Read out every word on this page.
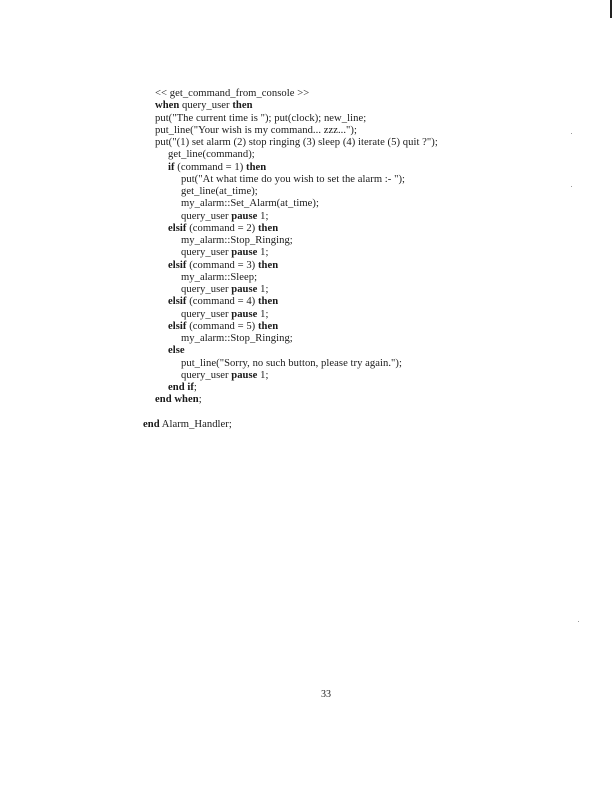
<< get_command_from_console >>
when query_user then
put("The current time is "); put(clock); new_line;
put_line("Your wish is my command... zzz...");
put("(1) set alarm (2) stop ringing (3) sleep (4) iterate (5) quit ?");
get_line(command);
if (command = 1) then
put("At what time do you wish to set the alarm :- ");
get_line(at_time);
my_alarm::Set_Alarm(at_time);
query_user pause 1;
elsif (command = 2) then
my_alarm::Stop_Ringing;
query_user pause 1;
elsif (command = 3) then
my_alarm::Sleep;
query_user pause 1;
elsif (command = 4) then
query_user pause 1;
elsif (command = 5) then
my_alarm::Stop_Ringing;
else
put_line("Sorry, no such button, please try again.");
query_user pause 1;
end if;
end when;
end Alarm_Handler;
33
